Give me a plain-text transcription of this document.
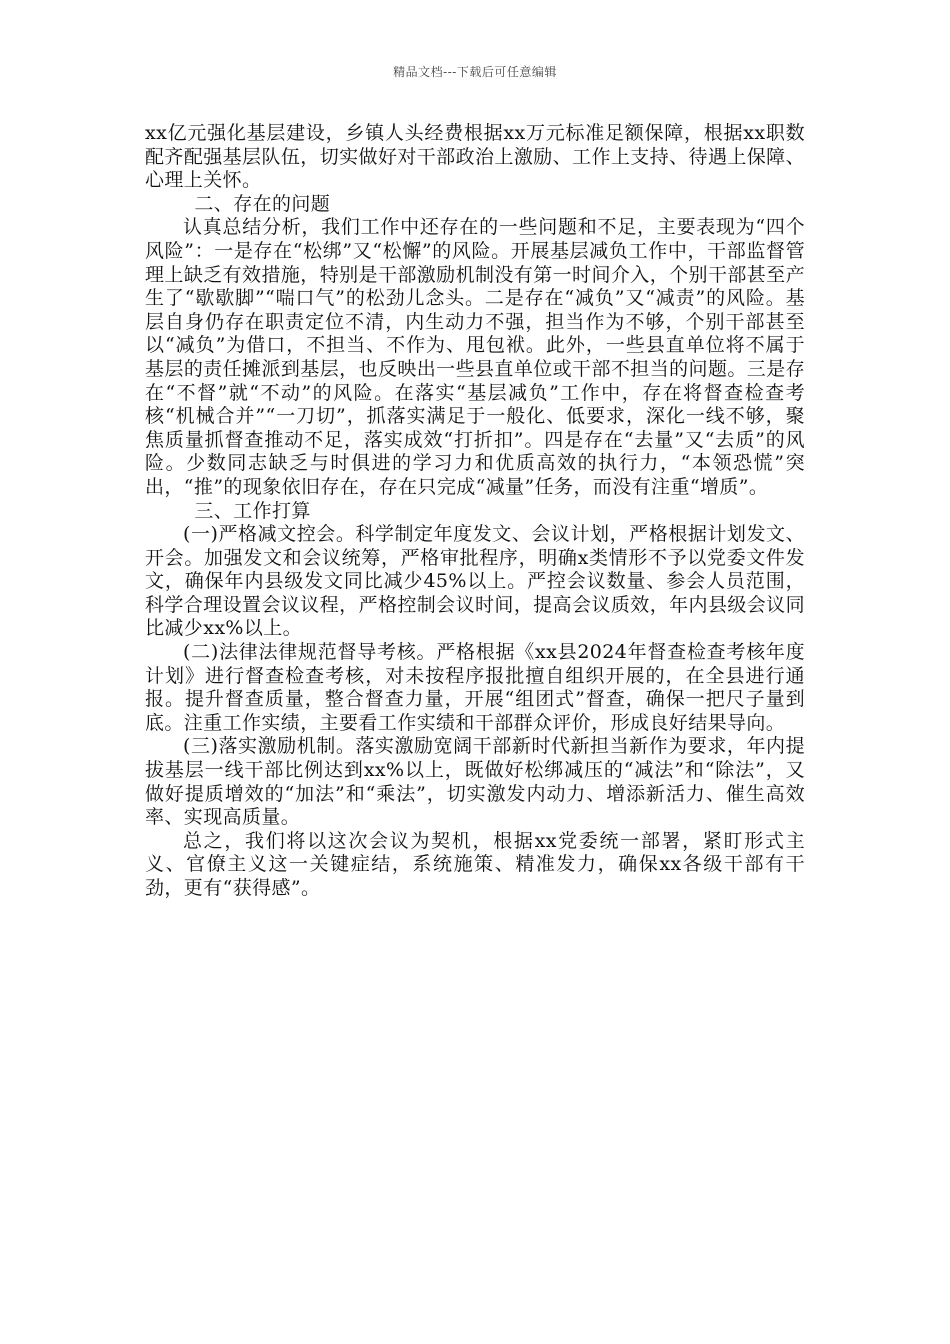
精品文档---下载后可任意编辑

xx亿元强化基层建设，乡镇人头经费根据xx万元标准足额保障，根据xx职数配齐配强基层队伍，切实做好对干部政治上激励、工作上支持、待遇上保障、心理上关怀。

二、存在的问题

认真总结分析，我们工作中还存在的一些问题和不足，主要表现为“四个风险”：一是存在“松绑”又“松懈”的风险。开展基层减负工作中，干部监督管理上缺乏有效措施，特别是干部激励机制没有第一时间介入，个别干部甚至产生了“歇歇脚”“喘口气”的松劲儿念头。二是存在“减负”又“减责”的风险。基层自身仍存在职责定位不清，内生动力不强，担当作为不够，个别干部甚至以“减负”为借口，不担当、不作为、甩包袱。此外，一些县直单位将不属于基层的责任摊派到基层，也反映出一些县直单位或干部不担当的问题。三是存在“不督”就“不动”的风险。在落实“基层减负”工作中，存在将督查检查考核“机械合并”“一刀切”，抓落实满足于一般化、低要求，深化一线不够，聚焦质量抓督查推动不足，落实成效“打折扣”。四是存在“去量”又“去质”的风险。少数同志缺乏与时俱进的学习力和优质高效的执行力，“本领恐慌”突出，“推”的现象依旧存在，存在只完成“减量”任务，而没有注重“增质”。

三、工作打算

(一)严格减文控会。科学制定年度发文、会议计划，严格根据计划发文、开会。加强发文和会议统筹，严格审批程序，明确x类情形不予以党委文件发文，确保年内县级发文同比减少45%以上。严控会议数量、参会人员范围，科学合理设置会议议程，严格控制会议时间，提高会议质效，年内县级会议同比减少xx%以上。

(二)法律法律规范督导考核。严格根据《xx县2024年督查检查考核年度计划》进行督查检查考核，对未按程序报批擅自组织开展的，在全县进行通报。提升督查质量，整合督查力量，开展“组团式”督查，确保一把尺子量到底。注重工作实绩，主要看工作实绩和干部群众评价，形成良好结果导向。

(三)落实激励机制。落实激励宽阔干部新时代新担当新作为要求，年内提拔基层一线干部比例达到xx%以上，既做好松绑减压的“减法”和“除法”，又做好提质增效的“加法”和“乘法”，切实激发内动力、增添新活力、催生高效率、实现高质量。

总之，我们将以这次会议为契机，根据xx党委统一部署，紧盯形式主义、官僚主义这一关键症结，系统施策、精准发力，确保xx各级干部有干劲，更有“获得感”。
